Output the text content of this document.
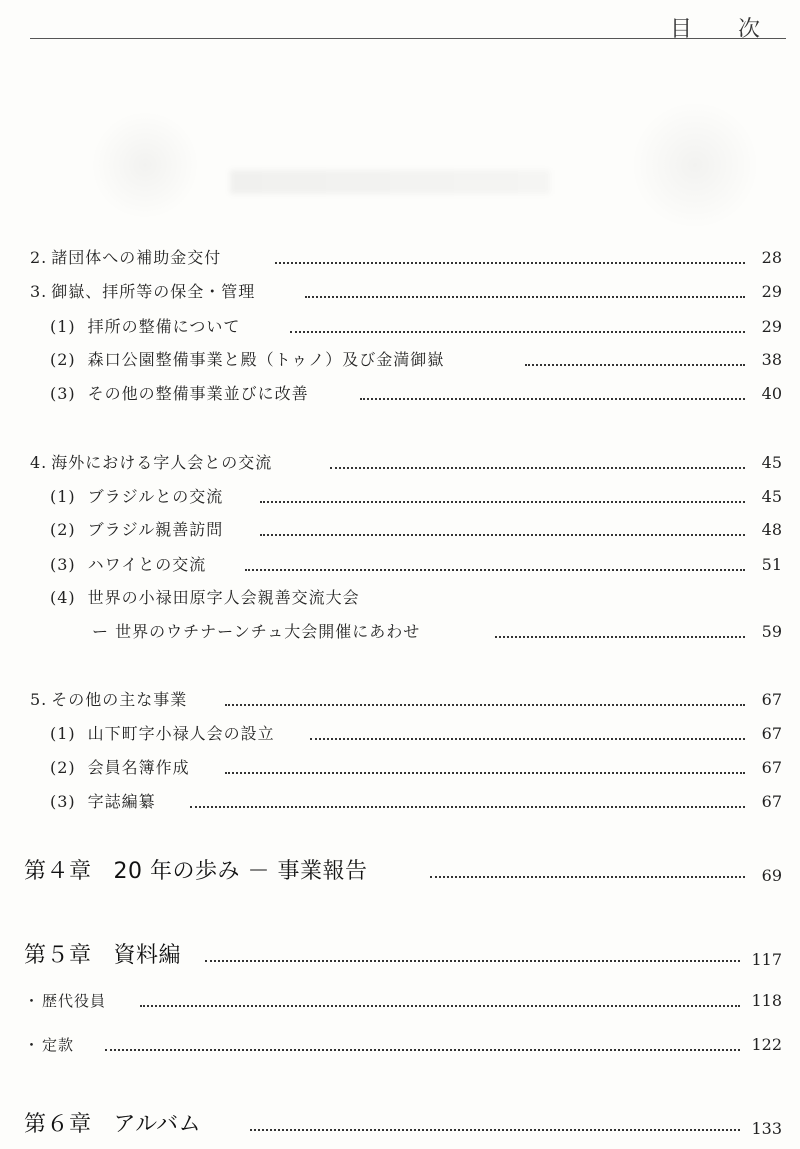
目　次
2. 諸団体への補助金交付	28
3. 御嶽、拝所等の保全・管理	29
(1) 拝所の整備について	29
(2) 森口公園整備事業と殿（トゥノ）及び金満御嶽	38
(3) その他の整備事業並びに改善	40
4. 海外における字人会との交流	45
(1) ブラジルとの交流	45
(2) ブラジル親善訪問	48
(3) ハワイとの交流	51
(4) 世界の小禄田原字人会親善交流大会
ー 世界のウチナーンチュ大会開催にあわせ	59
5. その他の主な事業	67
(1) 山下町字小禄人会の設立	67
(2) 会員名簿作成	67
(3) 字誌編纂	67
第４章 20 年の歩み － 事業報告	69
第５章 資料編	117
・ 歴代役員	118
・ 定款	122
第６章 アルバム	133
